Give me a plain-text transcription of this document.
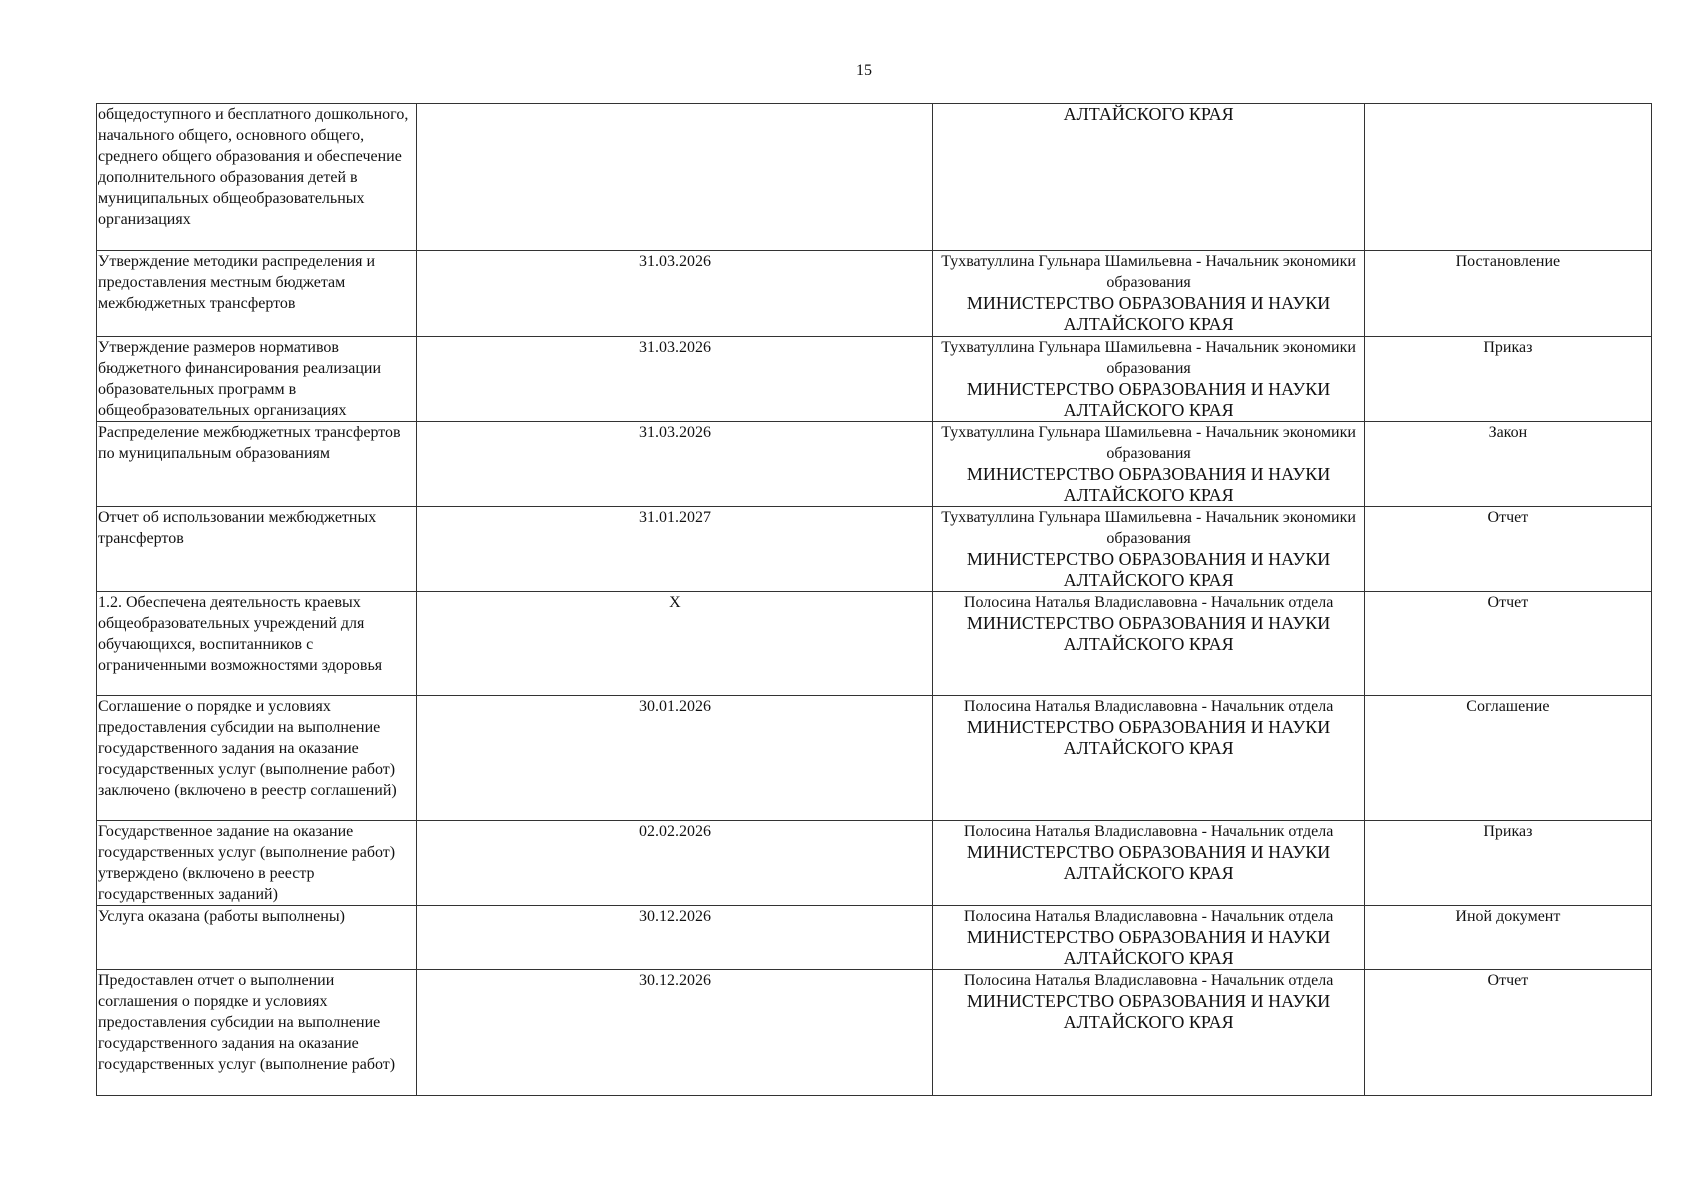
15
общедоступного и бесплатного дошкольного, начального общего, основного общего, среднего общего образования и обеспечение дополнительного образования детей в муниципальных общеобразовательных организациях		АЛТАЙСКОГО КРАЯ	

Утверждение методики распределения и предоставления местным бюджетам межбюджетных трансфертов	31.03.2026	Тухватуллина Гульнара Шамильевна - Начальник экономики образования
МИНИСТЕРСТВО ОБРАЗОВАНИЯ И НАУКИ
АЛТАЙСКОГО КРАЯ	Постановление
Утверждение размеров нормативов бюджетного финансирования реализации образовательных программ в общеобразовательных организациях	31.03.2026	Тухватуллина Гульнара Шамильевна - Начальник экономики образования
МИНИСТЕРСТВО ОБРАЗОВАНИЯ И НАУКИ
АЛТАЙСКОГО КРАЯ	Приказ
Распределение межбюджетных трансфертов по муниципальным образованиям	31.03.2026	Тухватуллина Гульнара Шамильевна - Начальник экономики образования
МИНИСТЕРСТВО ОБРАЗОВАНИЯ И НАУКИ
АЛТАЙСКОГО КРАЯ	Закон
Отчет об использовании межбюджетных трансфертов	31.01.2027	Тухватуллина Гульнара Шамильевна - Начальник экономики образования
МИНИСТЕРСТВО ОБРАЗОВАНИЯ И НАУКИ
АЛТАЙСКОГО КРАЯ	Отчет
1.2. Обеспечена деятельность краевых общеобразовательных учреждений для обучающихся, воспитанников с ограниченными возможностями здоровья	X	Полосина Наталья Владиславовна - Начальник отдела
МИНИСТЕРСТВО ОБРАЗОВАНИЯ И НАУКИ
АЛТАЙСКОГО КРАЯ	Отчет
Соглашение о порядке и условиях предоставления субсидии на выполнение государственного задания на оказание государственных услуг (выполнение работ) заключено (включено в реестр соглашений)	30.01.2026	Полосина Наталья Владиславовна - Начальник отдела
МИНИСТЕРСТВО ОБРАЗОВАНИЯ И НАУКИ
АЛТАЙСКОГО КРАЯ	Соглашение
Государственное задание на оказание государственных услуг (выполнение работ) утверждено (включено в реестр государственных заданий)	02.02.2026	Полосина Наталья Владиславовна - Начальник отдела
МИНИСТЕРСТВО ОБРАЗОВАНИЯ И НАУКИ
АЛТАЙСКОГО КРАЯ	Приказ
Услуга оказана (работы выполнены)	30.12.2026	Полосина Наталья Владиславовна - Начальник отдела
МИНИСТЕРСТВО ОБРАЗОВАНИЯ И НАУКИ
АЛТАЙСКОГО КРАЯ	Иной документ
Предоставлен отчет о выполнении соглашения о порядке и условиях предоставления субсидии на выполнение государственного задания на оказание государственных услуг (выполнение работ)	30.12.2026	Полосина Наталья Владиславовна - Начальник отдела
МИНИСТЕРСТВО ОБРАЗОВАНИЯ И НАУКИ
АЛТАЙСКОГО КРАЯ	Отчет
